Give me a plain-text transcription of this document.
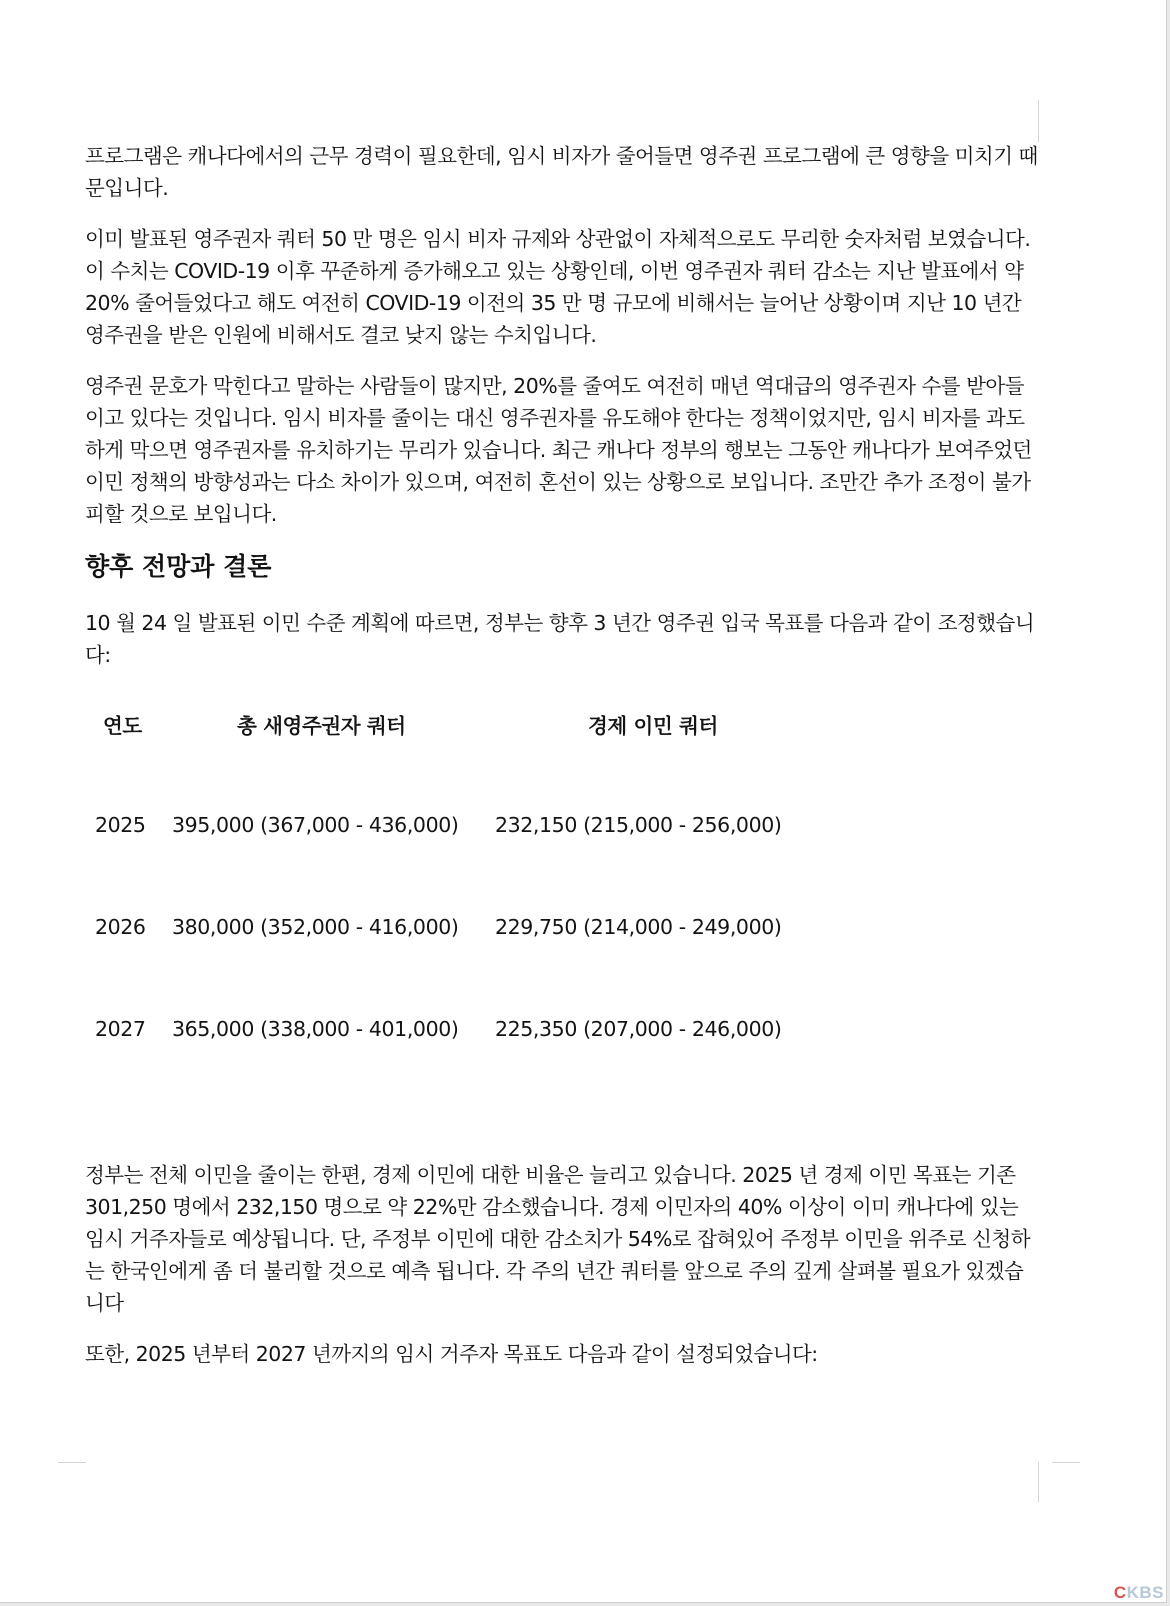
프로그램은 캐나다에서의 근무 경력이 필요한데, 임시 비자가 줄어들면 영주권 프로그램에 큰 영향을 미치기 때문입니다.

이미 발표된 영주권자 쿼터 50 만 명은 임시 비자 규제와 상관없이 자체적으로도 무리한 숫자처럼 보였습니다. 이 수치는 COVID-19 이후 꾸준하게 증가해오고 있는 상황인데, 이번 영주권자 쿼터 감소는 지난 발표에서 약 20% 줄어들었다고 해도 여전히 COVID-19 이전의 35 만 명 규모에 비해서는 늘어난 상황이며 지난 10 년간 영주권을 받은 인원에 비해서도 결코 낮지 않는 수치입니다.

영주권 문호가 막힌다고 말하는 사람들이 많지만, 20%를 줄여도 여전히 매년 역대급의 영주권자 수를 받아들이고 있다는 것입니다. 임시 비자를 줄이는 대신 영주권자를 유도해야 한다는 정책이었지만, 임시 비자를 과도하게 막으면 영주권자를 유치하기는 무리가 있습니다. 최근 캐나다 정부의 행보는 그동안 캐나다가 보여주었던 이민 정책의 방향성과는 다소 차이가 있으며, 여전히 혼선이 있는 상황으로 보입니다. 조만간 추가 조정이 불가피할 것으로 보입니다.

향후 전망과 결론

10 월 24 일 발표된 이민 수준 계획에 따르면, 정부는 향후 3 년간 영주권 입국 목표를 다음과 같이 조정했습니다:

연도	총 새영주권자 쿼터	경제 이민 쿼터
2025 395,000 (367,000 - 436,000) 232,150 (215,000 - 256,000)
2026 380,000 (352,000 - 416,000) 229,750 (214,000 - 249,000)
2027 365,000 (338,000 - 401,000) 225,350 (207,000 - 246,000)

정부는 전체 이민을 줄이는 한편, 경제 이민에 대한 비율은 늘리고 있습니다. 2025 년 경제 이민 목표는 기존 301,250 명에서 232,150 명으로 약 22%만 감소했습니다. 경제 이민자의 40% 이상이 이미 캐나다에 있는 임시 거주자들로 예상됩니다. 단, 주정부 이민에 대한 감소치가 54%로 잡혀있어 주정부 이민을 위주로 신청하는 한국인에게 좀 더 불리할 것으로 예측 됩니다. 각 주의 년간 쿼터를 앞으로 주의 깊게 살펴볼 필요가 있겠습니다

또한, 2025 년부터 2027 년까지의 임시 거주자 목표도 다음과 같이 설정되었습니다:

CKBS
